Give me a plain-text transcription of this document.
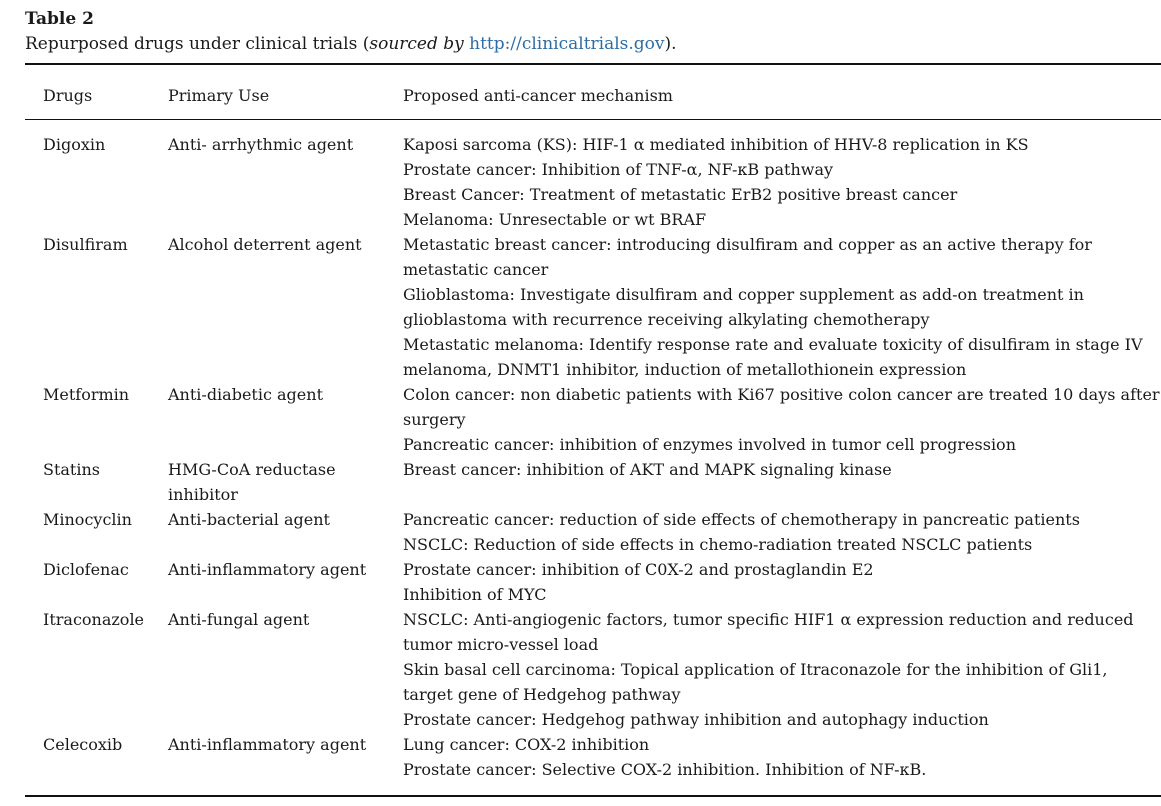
Table 2

Repurposed drugs under clinical trials (sourced by http://clinicaltrials.gov).

Drugs	Primary Use	Proposed anti-cancer mechanism
Digoxin	Anti- arrhythmic agent	Kaposi sarcoma (KS): HIF-1 α mediated inhibition of HHV-8 replication in KS
Prostate cancer: Inhibition of TNF-α, NF-κB pathway
Breast Cancer: Treatment of metastatic ErB2 positive breast cancer
Melanoma: Unresectable or wt BRAF

Disulfiram	Alcohol deterrent agent	Metastatic breast cancer: introducing disulfiram and copper as an active therapy for metastatic cancer
Glioblastoma: Investigate disulfiram and copper supplement as add-on treatment in glioblastoma with recurrence receiving alkylating chemotherapy
Metastatic melanoma: Identify response rate and evaluate toxicity of disulfiram in stage IV melanoma, DNMT1 inhibitor, induction of metallothionein expression

Metformin	Anti-diabetic agent	Colon cancer: non diabetic patients with Ki67 positive colon cancer are treated 10 days after surgery
Pancreatic cancer: inhibition of enzymes involved in tumor cell progression

Statins	HMG-CoA reductase inhibitor	Breast cancer: inhibition of AKT and MAPK signaling kinase

Minocyclin	Anti-bacterial agent	Pancreatic cancer: reduction of side effects of chemotherapy in pancreatic patients
NSCLC: Reduction of side effects in chemo-radiation treated NSCLC patients

Diclofenac	Anti-inflammatory agent	Prostate cancer: inhibition of C0X-2 and prostaglandin E2
Inhibition of MYC

Itraconazole	Anti-fungal agent	NSCLC: Anti-angiogenic factors, tumor specific HIF1 α expression reduction and reduced tumor micro-vessel load
Skin basal cell carcinoma: Topical application of Itraconazole for the inhibition of Gli1, target gene of Hedgehog pathway
Prostate cancer: Hedgehog pathway inhibition and autophagy induction

Celecoxib	Anti-inflammatory agent	Lung cancer: COX-2 inhibition
Prostate cancer: Selective COX-2 inhibition. Inhibition of NF-κB.
